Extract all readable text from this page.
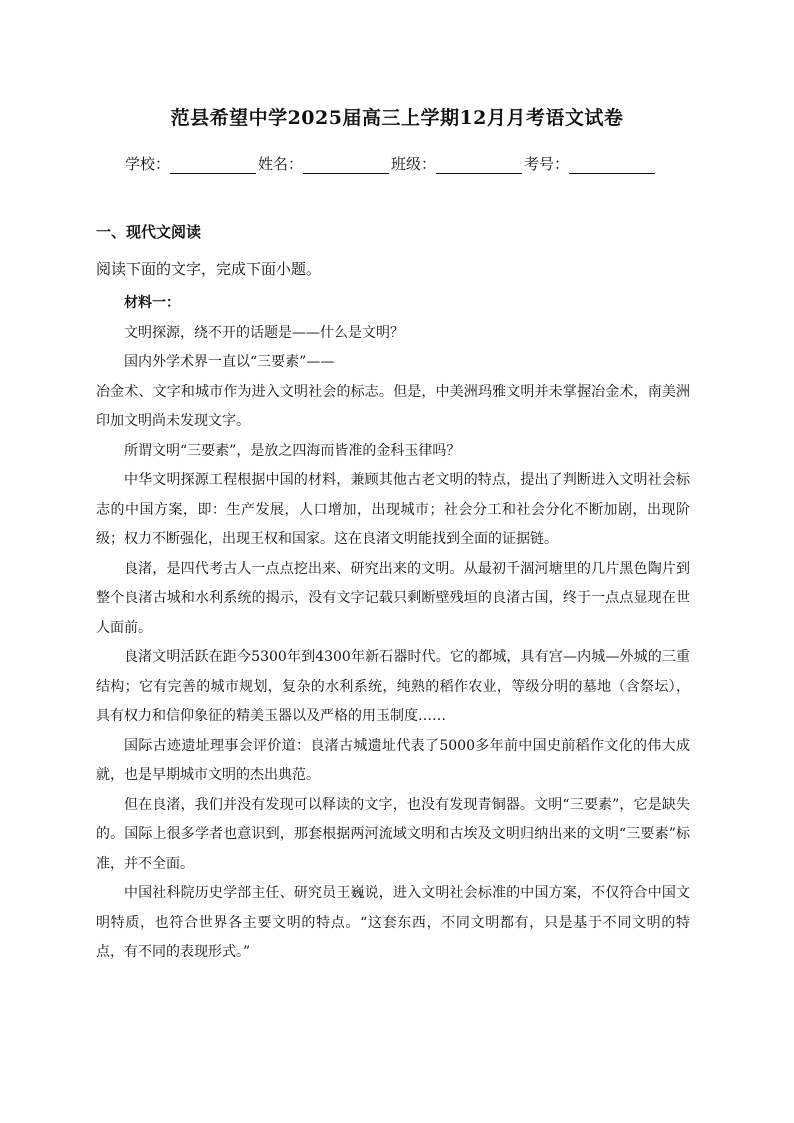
范县希望中学2025届高三上学期12月月考语文试卷
学校：	姓名：	班级：	考号：
一、现代文阅读
阅读下面的文字，完成下面小题。

材料一：

文明探源，绕不开的话题是——什么是文明？

国内外学术界一直以“三要素”——

冶金术、文字和城市作为进入文明社会的标志。但是，中美洲玛雅文明并未掌握冶金术，南美洲印加文明尚未发现文字。

所谓文明“三要素”，是放之四海而皆准的金科玉律吗？

中华文明探源工程根据中国的材料，兼顾其他古老文明的特点，提出了判断进入文明社会标志的中国方案，即：生产发展，人口增加，出现城市；社会分工和社会分化不断加剧，出现阶级；权力不断强化，出现王权和国家。这在良渚文明能找到全面的证据链。

良渚，是四代考古人一点点挖出来、研究出来的文明。从最初千涸河塘里的几片黑色陶片到整个良渚古城和水利系统的揭示，没有文字记载只剩断壁残垣的良渚古国，终于一点点显现在世人面前。

良渚文明活跃在距今5300年到4300年新石器时代。它的都城，具有宫—内城—外城的三重结构；它有完善的城市规划，复杂的水利系统，纯熟的稻作农业，等级分明的墓地（含祭坛），具有权力和信仰象征的精美玉器以及严格的用玉制度……

国际古迹遗址理事会评价道：良渚古城遗址代表了5000多年前中国史前稻作文化的伟大成就，也是早期城市文明的杰出典范。

但在良渚，我们并没有发现可以释读的文字，也没有发现青铜器。文明“三要素”，它是缺失的。国际上很多学者也意识到，那套根据两河流域文明和古埃及文明归纳出来的文明“三要素”标准，并不全面。

中国社科院历史学部主任、研究员王巍说，进入文明社会标准的中国方案，不仅符合中国文明特质，也符合世界各主要文明的特点。“这套东西，不同文明都有，只是基于不同文明的特点，有不同的表现形式。”
